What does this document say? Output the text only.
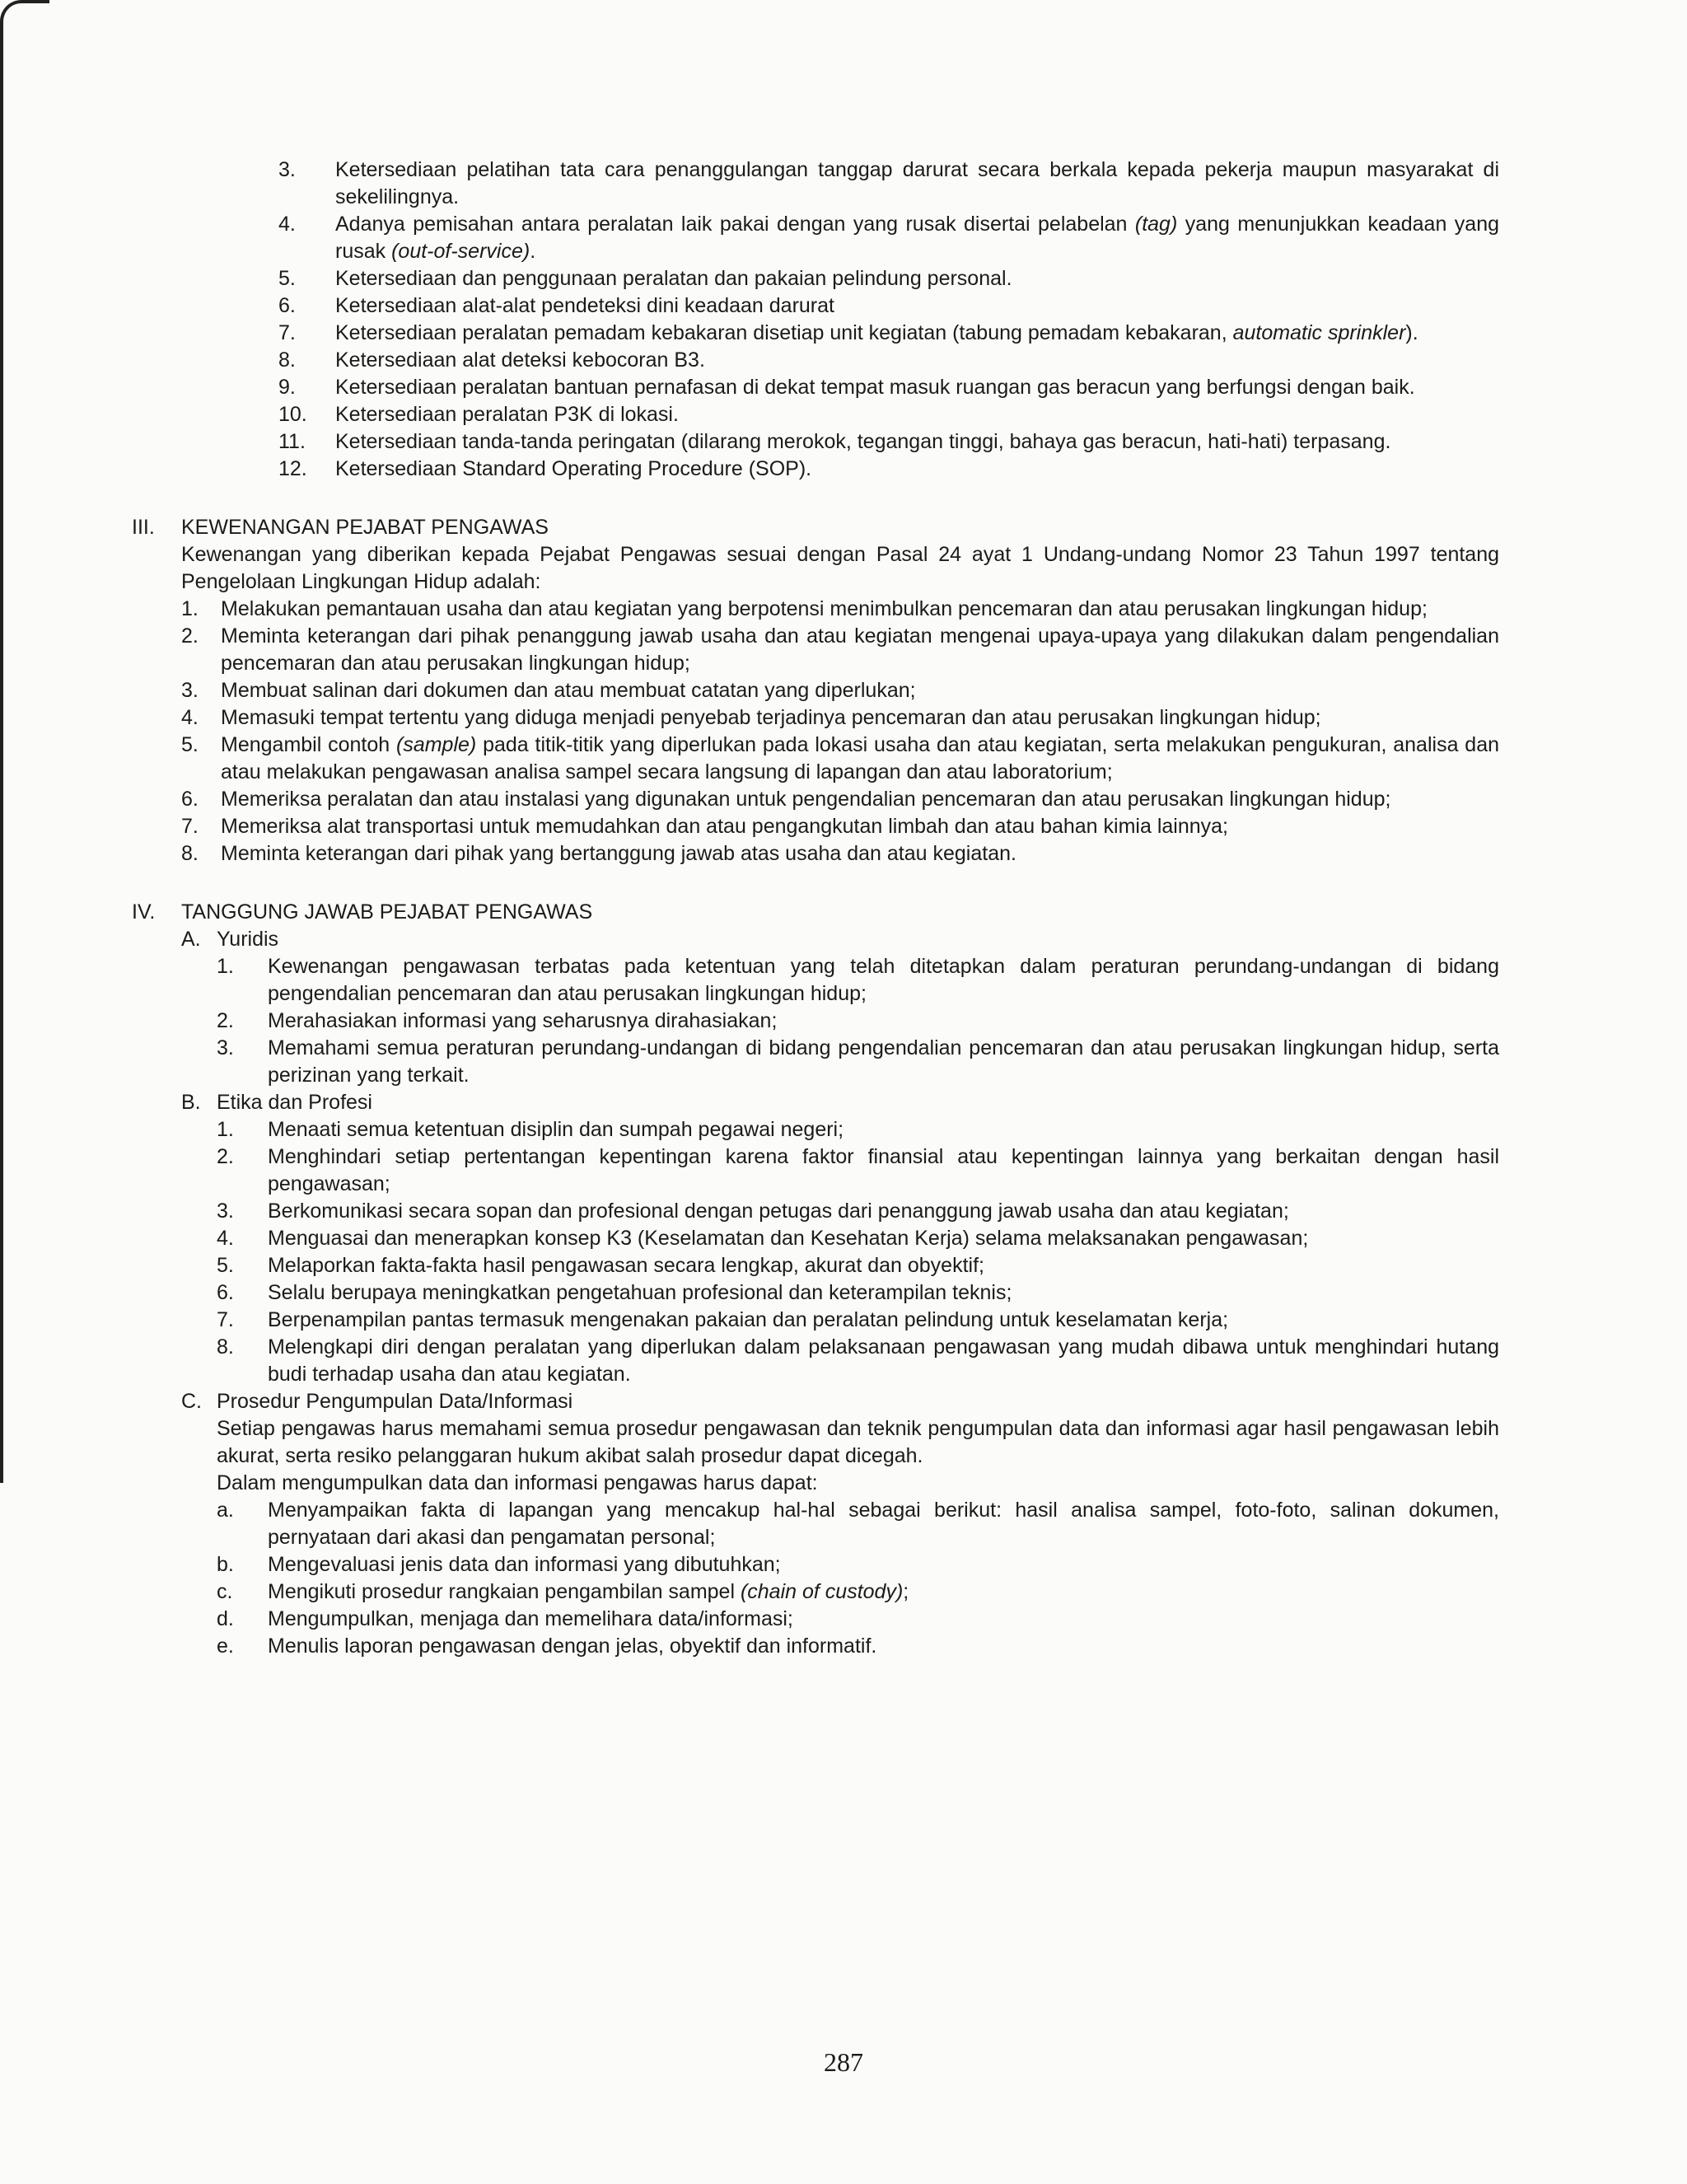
3.	Ketersediaan pelatihan tata cara penanggulangan tanggap darurat secara berkala kepada pekerja maupun masyarakat di sekelilingnya.
4.	Adanya pemisahan antara peralatan laik pakai dengan yang rusak disertai pelabelan (tag) yang menunjukkan keadaan yang rusak (out-of-service).
5.	Ketersediaan dan penggunaan peralatan dan pakaian pelindung personal.
6.	Ketersediaan alat-alat pendeteksi dini keadaan darurat
7.	Ketersediaan peralatan pemadam kebakaran disetiap unit kegiatan (tabung pemadam kebakaran, automatic sprinkler).
8.	Ketersediaan alat deteksi kebocoran B3.
9.	Ketersediaan peralatan bantuan pernafasan di dekat tempat masuk ruangan gas beracun yang berfungsi dengan baik.
10.	Ketersediaan peralatan P3K di lokasi.
11.	Ketersediaan tanda-tanda peringatan (dilarang merokok, tegangan tinggi, bahaya gas beracun, hati-hati) terpasang.
12.	Ketersediaan Standard Operating Procedure (SOP).
III.	KEWENANGAN PEJABAT PENGAWAS
Kewenangan yang diberikan kepada Pejabat Pengawas sesuai dengan Pasal 24 ayat 1 Undang-undang Nomor 23 Tahun 1997 tentang Pengelolaan Lingkungan Hidup adalah:
1.	Melakukan pemantauan usaha dan atau kegiatan yang berpotensi menimbulkan pencemaran dan atau perusakan lingkungan hidup;
2.	Meminta keterangan dari pihak penanggung jawab usaha dan atau kegiatan mengenai upaya-upaya yang dilakukan dalam pengendalian pencemaran dan atau perusakan lingkungan hidup;
3.	Membuat salinan dari dokumen dan atau membuat catatan yang diperlukan;
4.	Memasuki tempat tertentu yang diduga menjadi penyebab terjadinya pencemaran dan atau perusakan lingkungan hidup;
5.	Mengambil contoh (sample) pada titik-titik yang diperlukan pada lokasi usaha dan atau kegiatan, serta melakukan pengukuran, analisa dan atau melakukan pengawasan analisa sampel secara langsung di lapangan dan atau laboratorium;
6.	Memeriksa peralatan dan atau instalasi yang digunakan untuk pengendalian pencemaran dan atau perusakan lingkungan hidup;
7.	Memeriksa alat transportasi untuk memudahkan dan atau pengangkutan limbah dan atau bahan kimia lainnya;
8.	Meminta keterangan dari pihak yang bertanggung jawab atas usaha dan atau kegiatan.
IV.	TANGGUNG JAWAB PEJABAT PENGAWAS
A. Yuridis
1.	Kewenangan pengawasan terbatas pada ketentuan yang telah ditetapkan dalam peraturan perundang-undangan di bidang pengendalian pencemaran dan atau perusakan lingkungan hidup;
2.	Merahasiakan informasi yang seharusnya dirahasiakan;
3.	Memahami semua peraturan perundang-undangan di bidang pengendalian pencemaran dan atau perusakan lingkungan hidup, serta perizinan yang terkait.
B. Etika dan Profesi
1.	Menaati semua ketentuan disiplin dan sumpah pegawai negeri;
2.	Menghindari setiap pertentangan kepentingan karena faktor finansial atau kepentingan lainnya yang berkaitan dengan hasil pengawasan;
3.	Berkomunikasi secara sopan dan profesional dengan petugas dari penanggung jawab usaha dan atau kegiatan;
4.	Menguasai dan menerapkan konsep K3 (Keselamatan dan Kesehatan Kerja) selama melaksanakan pengawasan;
5.	Melaporkan fakta-fakta hasil pengawasan secara lengkap, akurat dan obyektif;
6.	Selalu berupaya meningkatkan pengetahuan profesional dan keterampilan teknis;
7.	Berpenampilan pantas termasuk mengenakan pakaian dan peralatan pelindung untuk keselamatan kerja;
8.	Melengkapi diri dengan peralatan yang diperlukan dalam pelaksanaan pengawasan yang mudah dibawa untuk menghindari hutang budi terhadap usaha dan atau kegiatan.
C. Prosedur Pengumpulan Data/Informasi
Setiap pengawas harus memahami semua prosedur pengawasan dan teknik pengumpulan data dan informasi agar hasil pengawasan lebih akurat, serta resiko pelanggaran hukum akibat salah prosedur dapat dicegah.
Dalam mengumpulkan data dan informasi pengawas harus dapat:
a.	Menyampaikan fakta di lapangan yang mencakup hal-hal sebagai berikut: hasil analisa sampel, foto-foto, salinan dokumen, pernyataan dari akasi dan pengamatan personal;
b.	Mengevaluasi jenis data dan informasi yang dibutuhkan;
c.	Mengikuti prosedur rangkaian pengambilan sampel (chain of custody);
d.	Mengumpulkan, menjaga dan memelihara data/informasi;
e.	Menulis laporan pengawasan dengan jelas, obyektif dan informatif.
287
